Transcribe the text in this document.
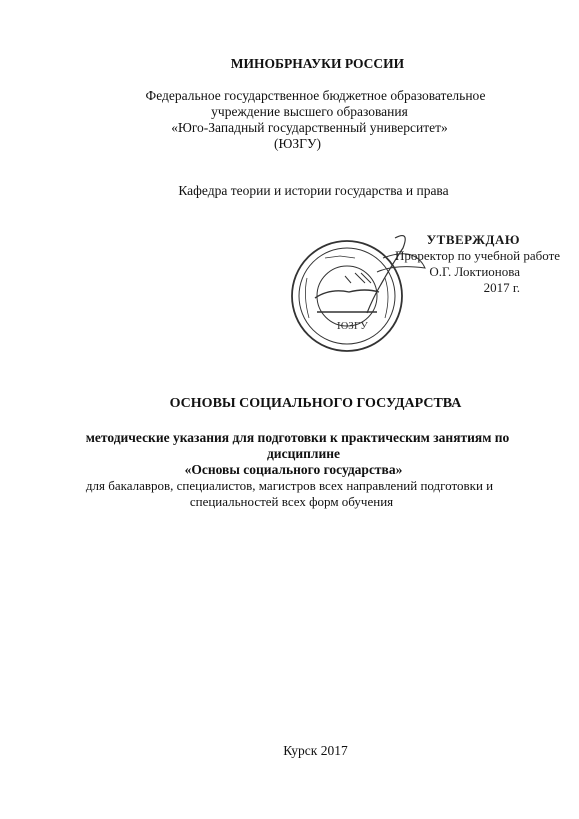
МИНОБРНАУКИ РОССИИ
Федеральное государственное бюджетное образовательное
учреждение высшего образования
«Юго-Западный государственный университет»
(ЮЗГУ)
Кафедра теории и истории государства и права
ЮЗГУ
УТВЕРЖДАЮ
Проректор по учебной работе
О.Г. Локтионова
2017 г.
ОСНОВЫ СОЦИАЛЬНОГО ГОСУДАРСТВА
методические указания для подготовки к практическим занятиям по
дисциплине
«Основы социального государства»
для бакалавров, специалистов, магистров всех направлений подготовки и
специальностей всех форм обучения
Курск 2017
